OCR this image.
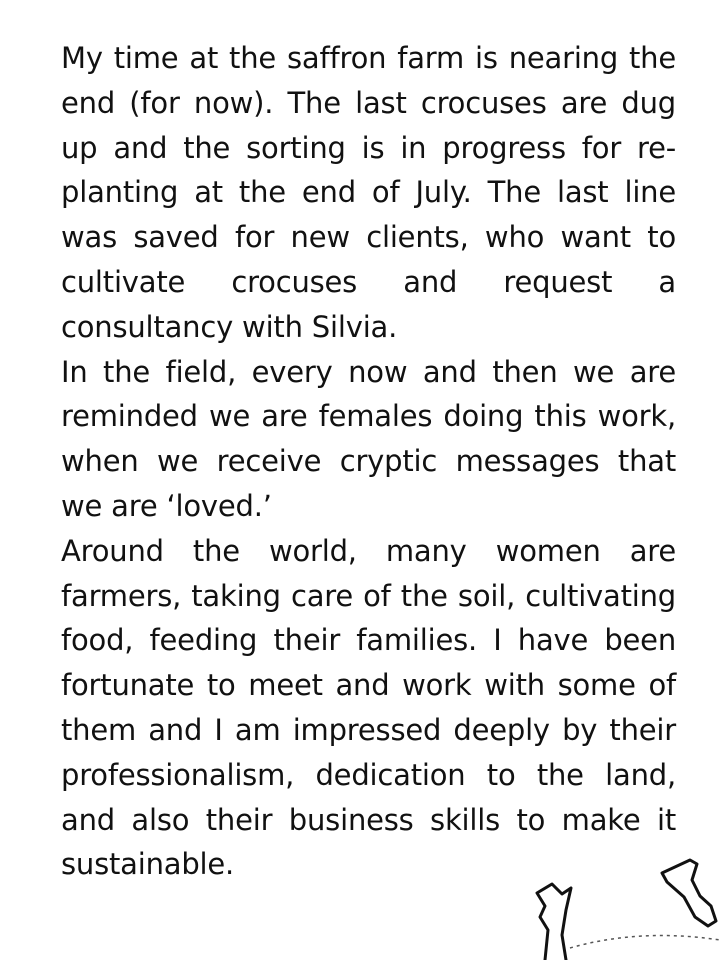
My time at the saffron farm is nearing the end (for now). The last crocuses are dug up and the sorting is in progress for re-planting at the end of July. The last line was saved for new clients, who want to cultivate crocuses and request a consultancy with Silvia.

In the field, every now and then we are reminded we are females doing this work, when we receive cryptic messages that we are ‘loved.’

Around the world, many women are farmers, taking care of the soil, cultivating food, feeding their families. I have been fortunate to meet and work with some of them and I am impressed deeply by their professionalism, dedication to the land, and also their business skills to make it sustainable.
